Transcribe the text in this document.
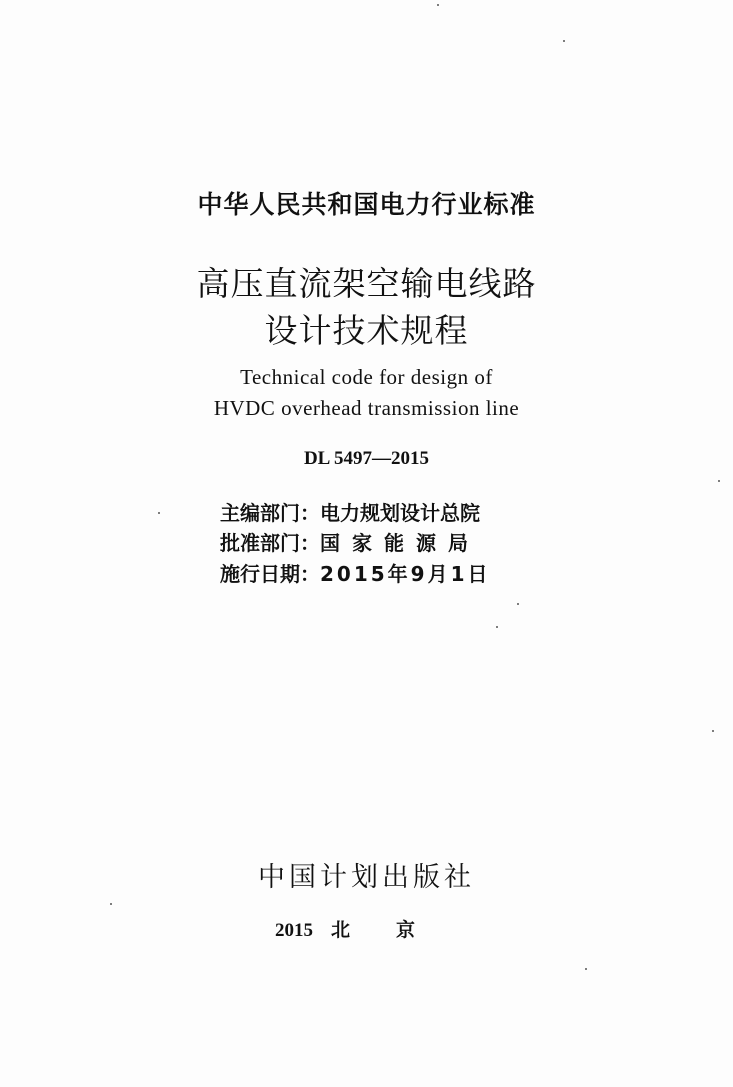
中华人民共和国电力行业标准
高压直流架空输电线路
设计技术规程
Technical code for design of
HVDC overhead transmission line
DL 5497—2015
主编部门：电力规划设计总院
批准部门：国家能源局
施行日期：2015年9月1日
中国计划出版社
2015 北 京
